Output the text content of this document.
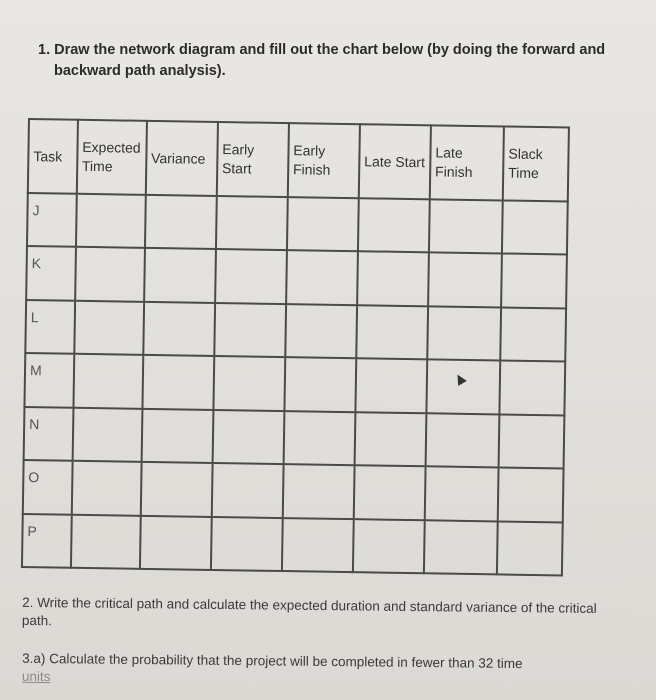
1. Draw the network diagram and fill out the chart below (by doing the forward and
backward path analysis).
Task	Expected Time	Variance	Early Start	Early Finish	Late Start	Late Finish	Slack Time
J							
K							
L							
M							
N							
O							
P							
2. Write the critical path and calculate the expected duration and standard variance of the critical path.
3.a) Calculate the probability that the project will be completed in fewer than 32 time
units
